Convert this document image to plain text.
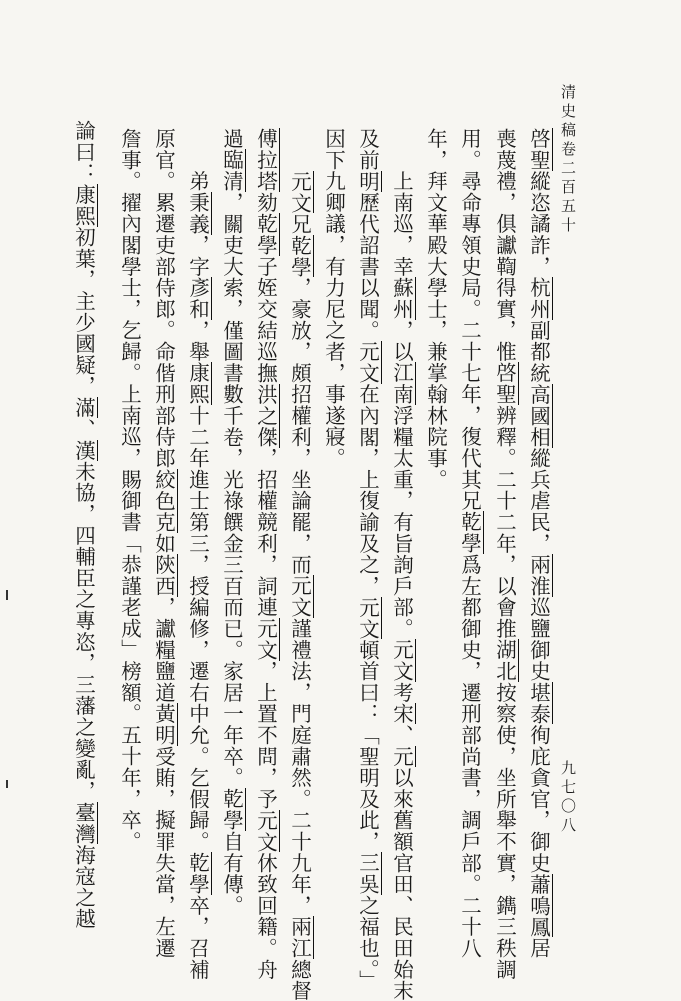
清史稿卷二百五十
九七〇八
啓聖縱恣譎詐，杭州副都統高國相縱兵虐民，兩淮巡鹽御史堪泰徇庇貪官，御史蕭鳴鳳居
喪蔑禮，俱讞鞫得實，惟啓聖辨釋。二十二年，以會推湖北按察使，坐所舉不實，鐫三秩調
用。尋命專領史局。二十七年，復代其兄乾學爲左都御史，遷刑部尚書，調戶部。二十八
年，拜文華殿大學士，兼掌翰林院事。
　　上南巡，幸蘇州，以江南浮糧太重，有旨詢戶部。元文考宋、元以來舊額官田、民田始末
及前明歷代詔書以聞。元文在內閣，上復諭及之，元文頓首曰：「聖明及此，三吳之福也。」
因下九卿議，有力尼之者，事遂寢。
　　元文兄乾學，豪放，頗招權利，坐論罷，而元文謹禮法，門庭肅然。二十九年，兩江總督
傅拉塔劾乾學子姪交結巡撫洪之傑，招權競利，詞連元文，上置不問，予元文休致回籍。舟
過臨清，關吏大索，僅圖書數千卷，光祿饌金三百而已。家居一年卒。乾學自有傳。
　　弟秉義，字彥和，舉康熙十二年進士第三，授編修，遷右中允。乞假歸。乾學卒，召補
原官。累遷吏部侍郎。命偕刑部侍郎絞色克如陝西，讞糧鹽道黃明受賄，擬罪失當，左遷
詹事。擢內閣學士，乞歸。上南巡，賜御書「恭謹老成」榜額。五十年，卒。
論曰：康熙初葉，主少國疑，滿、漢未協，四輔臣之專恣，三藩之變亂，臺灣海寇之越
